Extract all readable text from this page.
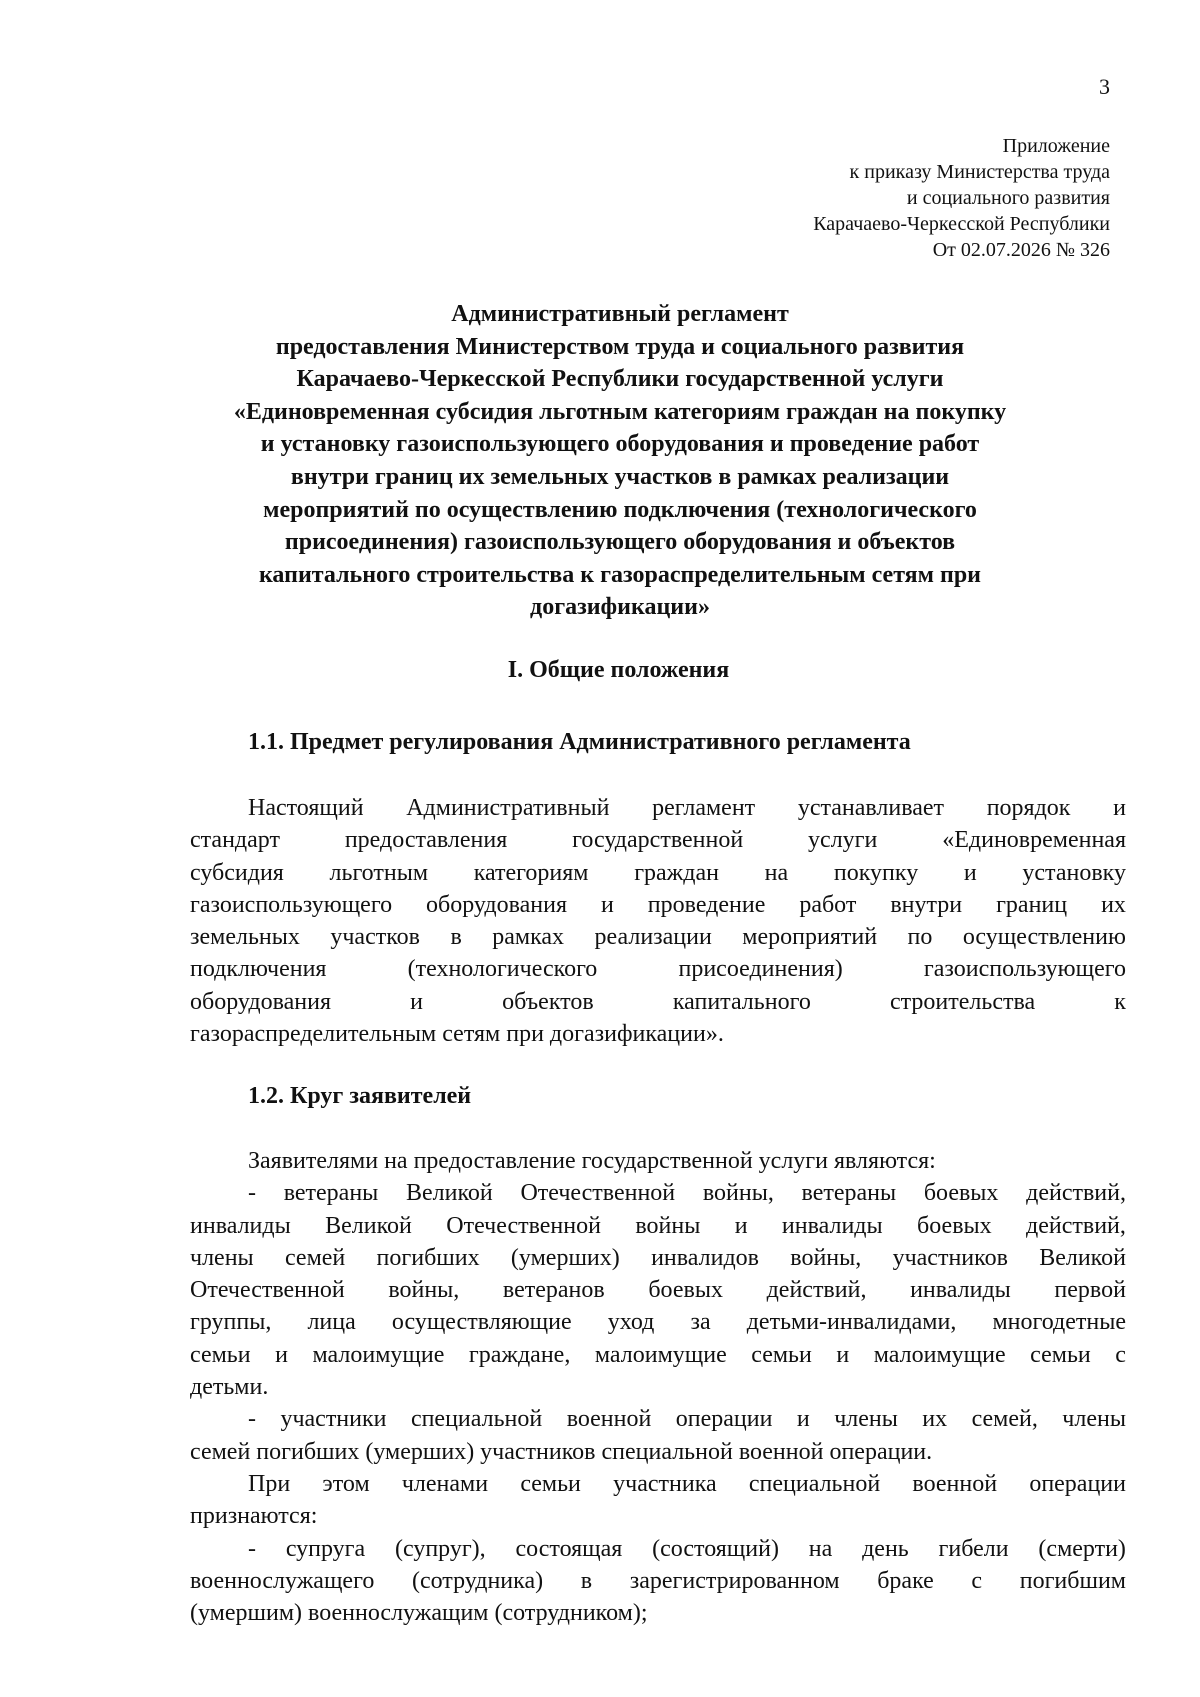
3
Приложение
к приказу Министерства труда
и социального развития
Карачаево-Черкесской Республики
От 02.07.2026 № 326
Административный регламент
предоставления Министерством труда и социального развития
Карачаево-Черкесской Республики государственной услуги
«Единовременная субсидия льготным категориям граждан на покупку
и установку газоиспользующего оборудования и проведение работ
внутри границ их земельных участков в рамках реализации
мероприятий по осуществлению подключения (технологического
присоединения) газоиспользующего оборудования и объектов
капитального строительства к газораспределительным сетям при
догазификации»
I. Общие положения
1.1. Предмет регулирования Административного регламента
Настоящий Административный регламент устанавливает порядок и
стандарт	предоставления	государственной	услуги	«Единовременная
субсидия льготным категориям граждан на покупку и установку
газоиспользующего оборудования и проведение работ внутри границ их
земельных участков в рамках реализации мероприятий по осуществлению
подключения	(технологического	присоединения)	газоиспользующего
оборудования	и	объектов	капитального	строительства	к
газораспределительным сетям при догазификации».
1.2. Круг заявителей
Заявителями на предоставление государственной услуги являются:
- ветераны Великой Отечественной войны, ветераны боевых действий,
инвалиды Великой Отечественной войны и инвалиды боевых действий,
члены семей погибших (умерших) инвалидов войны, участников Великой
Отечественной войны, ветеранов боевых действий, инвалиды первой
группы, лица осуществляющие уход за детьми-инвалидами, многодетные
семьи и малоимущие граждане, малоимущие семьи и малоимущие семьи с
детьми.
- участники специальной военной операции и члены их семей, члены
семей погибших (умерших) участников специальной военной операции.
При этом членами семьи участника специальной военной операции
признаются:
- супруга (супруг), состоящая (состоящий) на день гибели (смерти)
военнослужащего (сотрудника) в зарегистрированном браке с погибшим
(умершим) военнослужащим (сотрудником);
